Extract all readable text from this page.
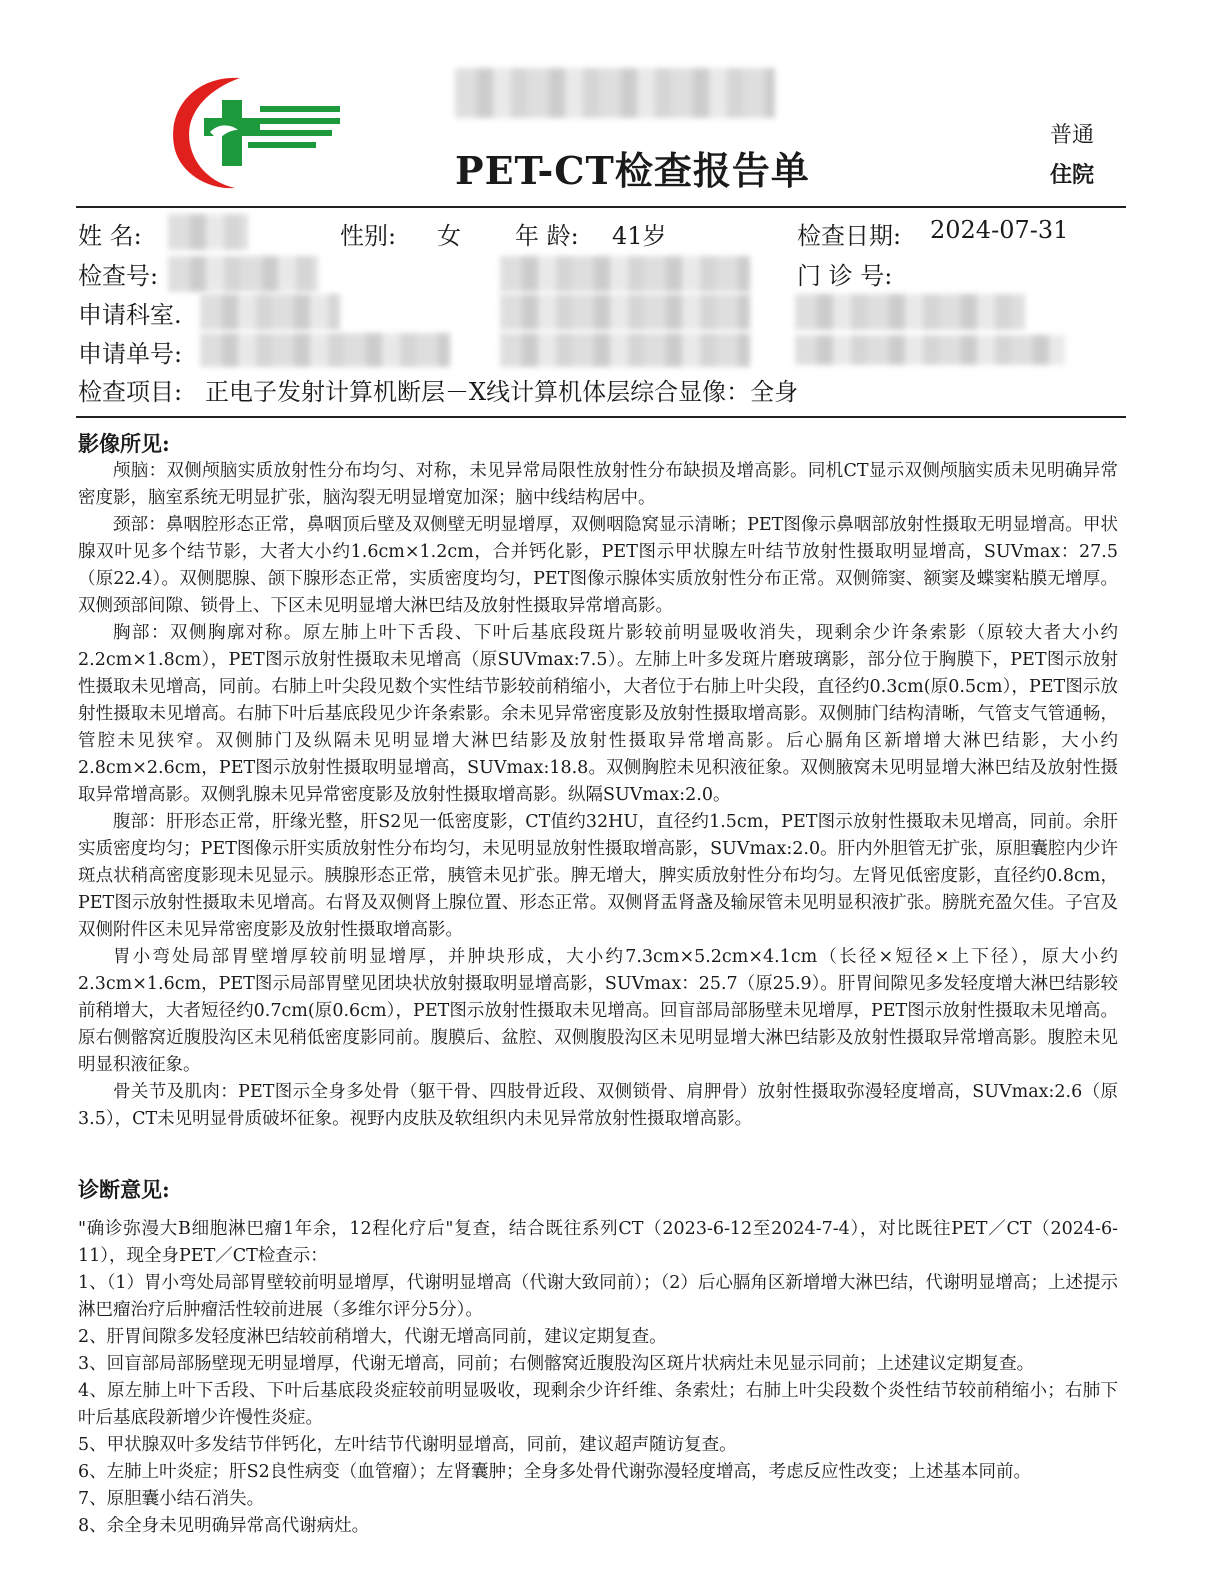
PET-CT检查报告单
普通
住院
姓 名:	性别: 女 年 龄: 41岁	检查日期: 2024-07-31
检查号:	门 诊 号:
申请科室.
申请单号:
检查项目: 正电子发射计算机断层－X线计算机体层综合显像：全身
影像所见:

颅脑：双侧颅脑实质放射性分布均匀、对称，未见异常局限性放射性分布缺损及增高影。同机CT显示双侧颅脑实质未见明确异常密度影，脑室系统无明显扩张，脑沟裂无明显增宽加深；脑中线结构居中。

颈部：鼻咽腔形态正常，鼻咽顶后壁及双侧壁无明显增厚，双侧咽隐窝显示清晰；PET图像示鼻咽部放射性摄取无明显增高。甲状腺双叶见多个结节影，大者大小约1.6cm×1.2cm，合并钙化影，PET图示甲状腺左叶结节放射性摄取明显增高，SUVmax：27.5（原22.4）。双侧腮腺、颌下腺形态正常，实质密度均匀，PET图像示腺体实质放射性分布正常。双侧筛窦、额窦及蝶窦粘膜无增厚。双侧颈部间隙、锁骨上、下区未见明显增大淋巴结及放射性摄取异常增高影。

胸部：双侧胸廓对称。原左肺上叶下舌段、下叶后基底段斑片影较前明显吸收消失，现剩余少许条索影（原较大者大小约2.2cm×1.8cm），PET图示放射性摄取未见增高（原SUVmax:7.5）。左肺上叶多发斑片磨玻璃影，部分位于胸膜下，PET图示放射性摄取未见增高，同前。右肺上叶尖段见数个实性结节影较前稍缩小，大者位于右肺上叶尖段，直径约0.3cm(原0.5cm），PET图示放射性摄取未见增高。右肺下叶后基底段见少许条索影。余未见异常密度影及放射性摄取增高影。双侧肺门结构清晰，气管支气管通畅，管腔未见狭窄。双侧肺门及纵隔未见明显增大淋巴结影及放射性摄取异常增高影。后心膈角区新增增大淋巴结影，大小约2.8cm×2.6cm，PET图示放射性摄取明显增高，SUVmax:18.8。双侧胸腔未见积液征象。双侧腋窝未见明显增大淋巴结及放射性摄取异常增高影。双侧乳腺未见异常密度影及放射性摄取增高影。纵隔SUVmax:2.0。

腹部：肝形态正常，肝缘光整，肝S2见一低密度影，CT值约32HU，直径约1.5cm，PET图示放射性摄取未见增高，同前。余肝实质密度均匀；PET图像示肝实质放射性分布均匀，未见明显放射性摄取增高影，SUVmax:2.0。肝内外胆管无扩张，原胆囊腔内少许斑点状稍高密度影现未见显示。胰腺形态正常，胰管未见扩张。脾无增大，脾实质放射性分布均匀。左肾见低密度影，直径约0.8cm，PET图示放射性摄取未见增高。右肾及双侧肾上腺位置、形态正常。双侧肾盂肾盏及输尿管未见明显积液扩张。膀胱充盈欠佳。子宫及双侧附件区未见异常密度影及放射性摄取增高影。

胃小弯处局部胃壁增厚较前明显增厚，并肿块形成，大小约7.3cm×5.2cm×4.1cm（长径×短径×上下径），原大小约2.3cm×1.6cm，PET图示局部胃壁见团块状放射摄取明显增高影，SUVmax：25.7（原25.9）。肝胃间隙见多发轻度增大淋巴结影较前稍增大，大者短径约0.7cm(原0.6cm），PET图示放射性摄取未见增高。回盲部局部肠壁未见增厚，PET图示放射性摄取未见增高。原右侧髂窝近腹股沟区未见稍低密度影同前。腹膜后、盆腔、双侧腹股沟区未见明显增大淋巴结影及放射性摄取异常增高影。腹腔未见明显积液征象。

骨关节及肌肉：PET图示全身多处骨（躯干骨、四肢骨近段、双侧锁骨、肩胛骨）放射性摄取弥漫轻度增高，SUVmax:2.6（原3.5），CT未见明显骨质破坏征象。视野内皮肤及软组织内未见异常放射性摄取增高影。

诊断意见:

"确诊弥漫大B细胞淋巴瘤1年余，12程化疗后"复查，结合既往系列CT（2023-6-12至2024-7-4），对比既往PET／CT（2024-6-11），现全身PET／CT检查示：

1、（1）胃小弯处局部胃壁较前明显增厚，代谢明显增高（代谢大致同前）；（2）后心膈角区新增增大淋巴结，代谢明显增高；上述提示淋巴瘤治疗后肿瘤活性较前进展（多维尔评分5分）。

2、肝胃间隙多发轻度淋巴结较前稍增大，代谢无增高同前，建议定期复查。

3、回盲部局部肠壁现无明显增厚，代谢无增高，同前；右侧髂窝近腹股沟区斑片状病灶未见显示同前；上述建议定期复查。

4、原左肺上叶下舌段、下叶后基底段炎症较前明显吸收，现剩余少许纤维、条索灶；右肺上叶尖段数个炎性结节较前稍缩小；右肺下叶后基底段新增少许慢性炎症。

5、甲状腺双叶多发结节伴钙化，左叶结节代谢明显增高，同前，建议超声随访复查。

6、左肺上叶炎症；肝S2良性病变（血管瘤）；左肾囊肿；全身多处骨代谢弥漫轻度增高，考虑反应性改变；上述基本同前。

7、原胆囊小结石消失。

8、余全身未见明确异常高代谢病灶。
